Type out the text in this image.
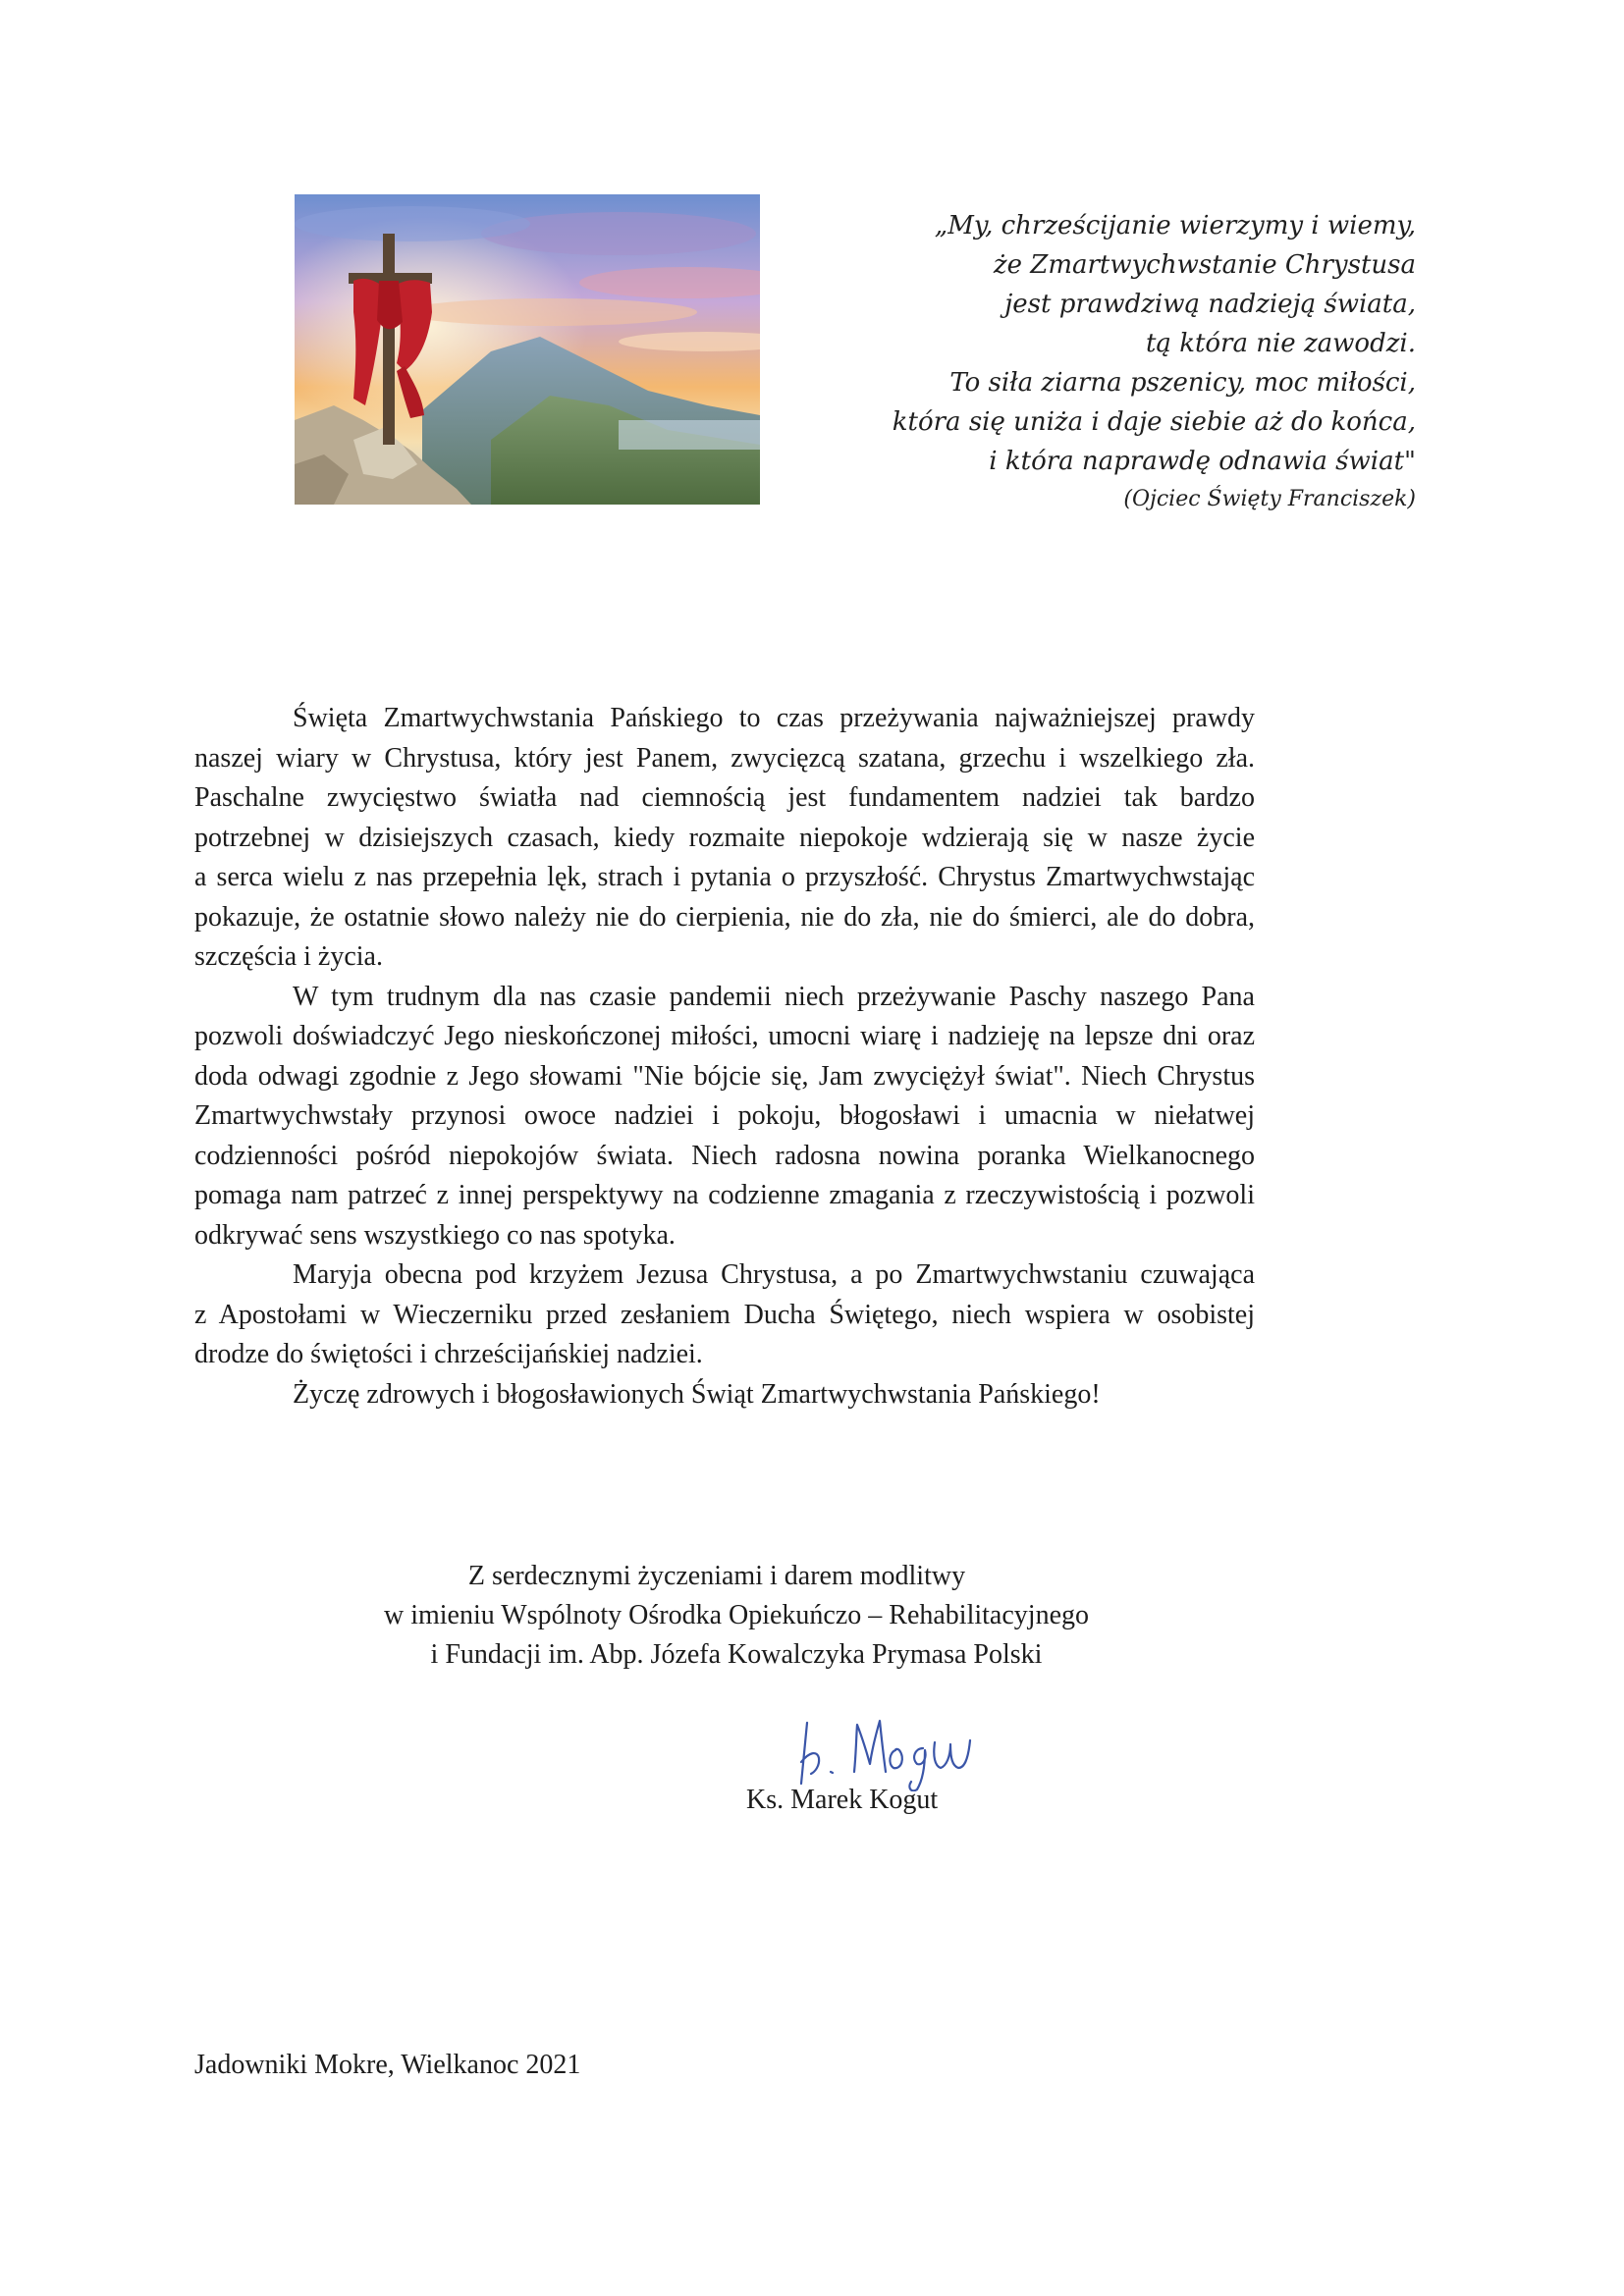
„My, chrześcijanie wierzymy i wiemy,
że Zmartwychwstanie Chrystusa
jest prawdziwą nadzieją świata,
tą która nie zawodzi.
To siła ziarna pszenicy, moc miłości,
która się uniża i daje siebie aż do końca,
i która naprawdę odnawia świat"
(Ojciec Święty Franciszek)
Święta Zmartwychwstania Pańskiego to czas przeżywania najważniejszej prawdy
naszej wiary w Chrystusa, który jest Panem, zwycięzcą szatana, grzechu i wszelkiego zła.
Paschalne zwycięstwo światła nad ciemnością jest fundamentem nadziei tak bardzo
potrzebnej w dzisiejszych czasach, kiedy rozmaite niepokoje wdzierają się w nasze życie
a serca wielu z nas przepełnia lęk, strach i pytania o przyszłość. Chrystus Zmartwychwstając
pokazuje, że ostatnie słowo należy nie do cierpienia, nie do zła, nie do śmierci, ale do dobra,
szczęścia i życia.
W tym trudnym dla nas czasie pandemii niech przeżywanie Paschy naszego Pana
pozwoli doświadczyć Jego nieskończonej miłości, umocni wiarę i nadzieję na lepsze dni oraz
doda odwagi zgodnie z Jego słowami "Nie bójcie się, Jam zwyciężył świat". Niech Chrystus
Zmartwychwstały przynosi owoce nadziei i pokoju, błogosławi i umacnia w niełatwej
codzienności pośród niepokojów świata. Niech radosna nowina poranka Wielkanocnego
pomaga nam patrzeć z innej perspektywy na codzienne zmagania z rzeczywistością i pozwoli
odkrywać sens wszystkiego co nas spotyka.
Maryja obecna pod krzyżem Jezusa Chrystusa, a po Zmartwychwstaniu czuwająca
z Apostołami w Wieczerniku przed zesłaniem Ducha Świętego, niech wspiera w osobistej
drodze do świętości i chrześcijańskiej nadziei.
Życzę zdrowych i błogosławionych Świąt Zmartwychwstania Pańskiego!
Z serdecznymi życzeniami i darem modlitwy
w imieniu Wspólnoty Ośrodka Opiekuńczo – Rehabilitacyjnego
i Fundacji im. Abp. Józefa Kowalczyka Prymasa Polski
Ks. Marek Kogut
Jadowniki Mokre, Wielkanoc 2021
